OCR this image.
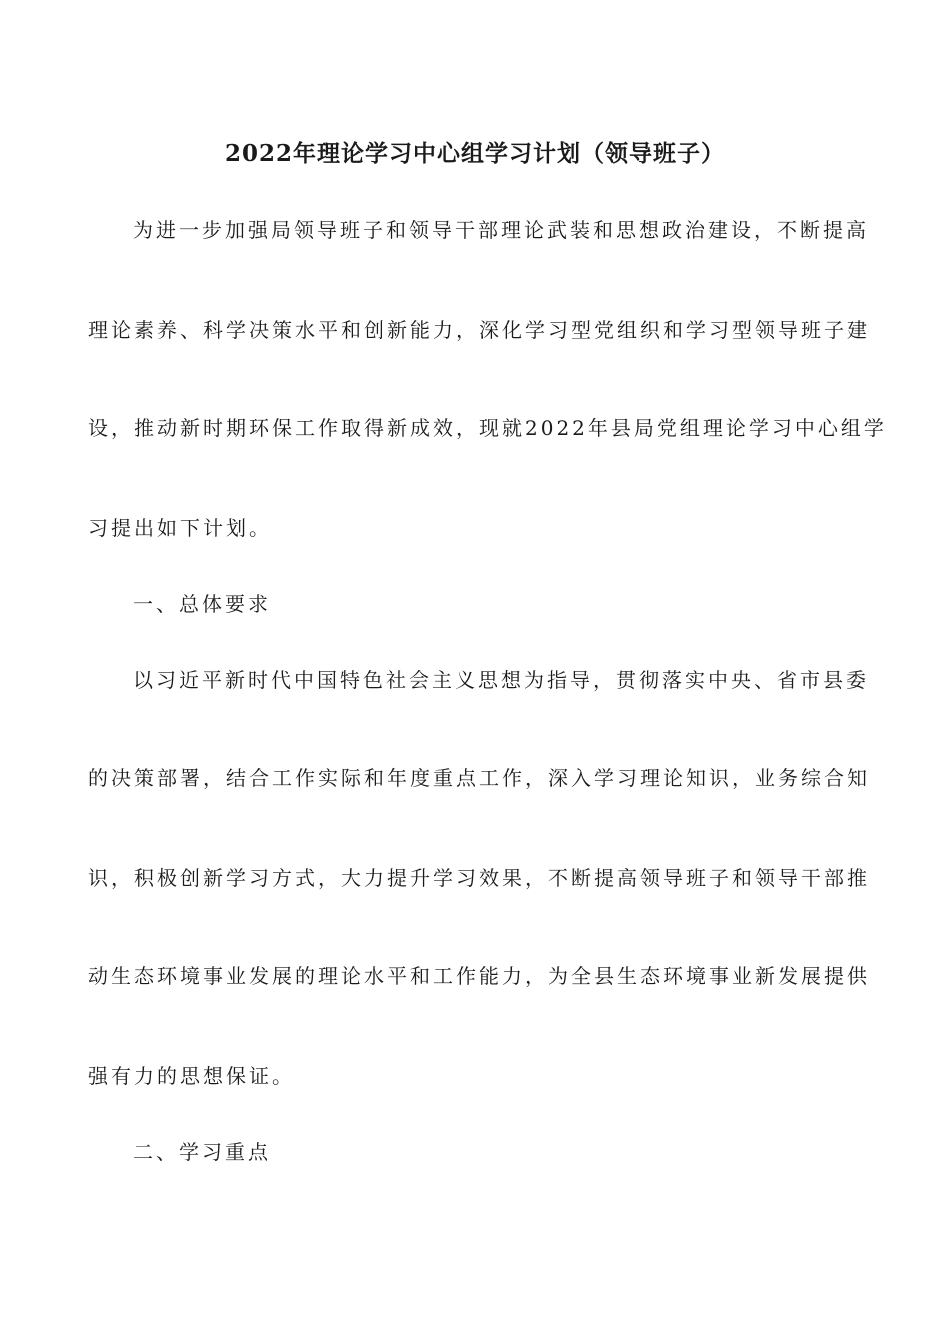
2022年理论学习中心组学习计划（领导班子）

为进一步加强局领导班子和领导干部理论武装和思想政治建设，不断提高

理论素养、科学决策水平和创新能力，深化学习型党组织和学习型领导班子建

设，推动新时期环保工作取得新成效，现就2022年县局党组理论学习中心组学

习提出如下计划。

一、总体要求

以习近平新时代中国特色社会主义思想为指导，贯彻落实中央、省市县委

的决策部署，结合工作实际和年度重点工作，深入学习理论知识，业务综合知

识，积极创新学习方式，大力提升学习效果，不断提高领导班子和领导干部推

动生态环境事业发展的理论水平和工作能力，为全县生态环境事业新发展提供

强有力的思想保证。

二、学习重点
